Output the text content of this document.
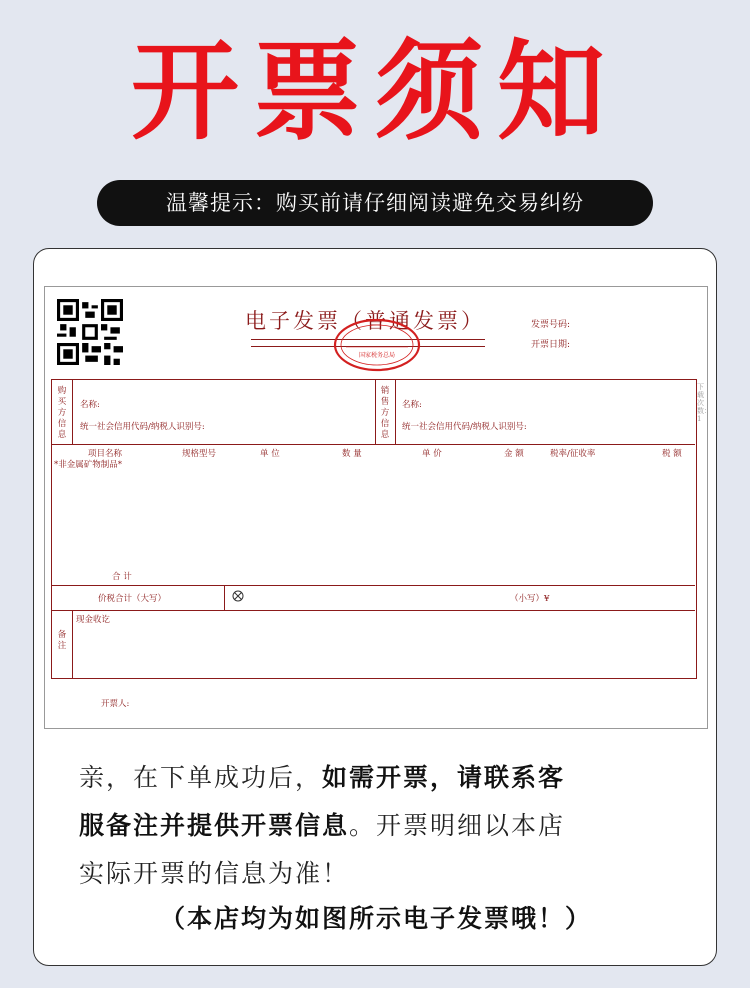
开票须知
温馨提示：购买前请仔细阅读避免交易纠纷
电子发票（普通发票）
国家税务总局
发票号码:
开票日期:
购买方信息
名称:
统一社会信用代码/纳税人识别号:
销售方信息
名称:
统一社会信用代码/纳税人识别号:
项目名称	规格型号	单 位	数 量	单 价	金 额	税率/征收率	税 额
*非金属矿物制品*
合 计
价税合计（大写）	（小写）¥
备注
现金收讫
下载次数：1
开票人:
亲，在下单成功后，如需开票，请联系客
服备注并提供开票信息。开票明细以本店
实际开票的信息为准！
（本店均为如图所示电子发票哦！）
